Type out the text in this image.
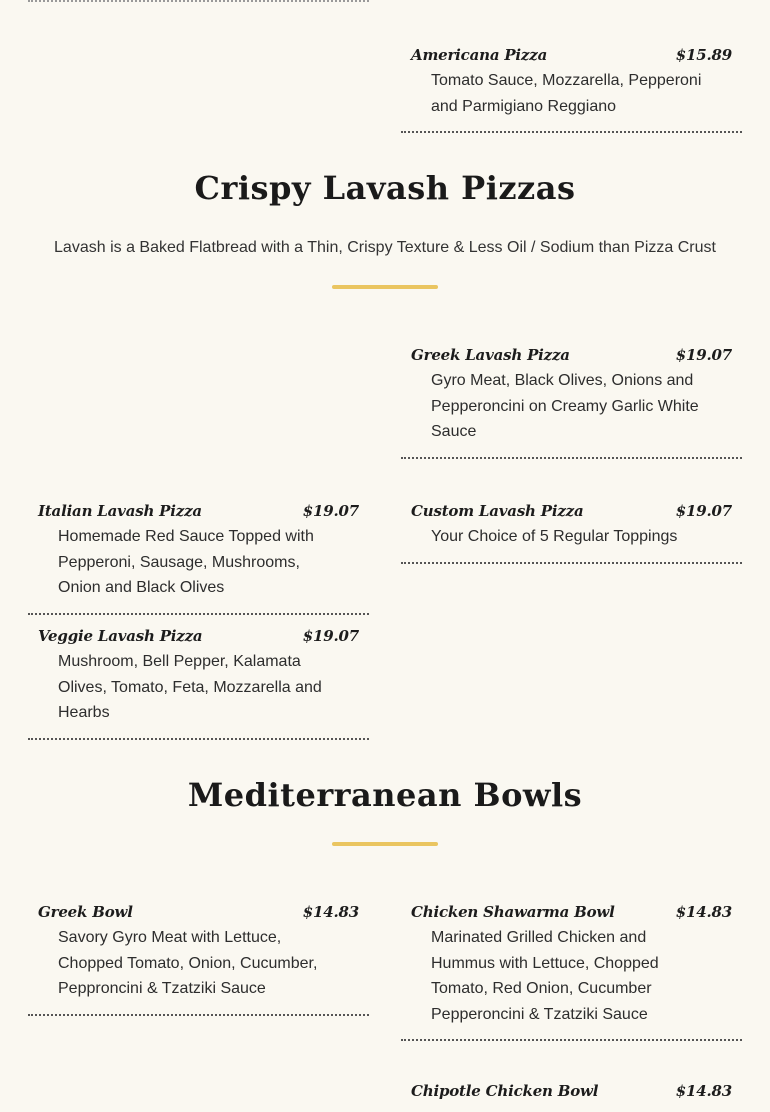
Americana Pizza	$15.89
Tomato Sauce, Mozzarella, Pepperoni and Parmigiano Reggiano
Crispy Lavash Pizzas
Lavash is a Baked Flatbread with a Thin, Crispy Texture & Less Oil / Sodium than Pizza Crust
Greek Lavash Pizza	$19.07
Gyro Meat, Black Olives, Onions and Pepperoncini on Creamy Garlic White Sauce
Italian Lavash Pizza	$19.07
Homemade Red Sauce Topped with Pepperoni, Sausage, Mushrooms, Onion and Black Olives
Custom Lavash Pizza	$19.07
Your Choice of 5 Regular Toppings
Veggie Lavash Pizza	$19.07
Mushroom, Bell Pepper, Kalamata Olives, Tomato, Feta, Mozzarella and Hearbs
Mediterranean Bowls
Greek Bowl	$14.83
Savory Gyro Meat with Lettuce, Chopped Tomato, Onion, Cucumber, Pepproncini & Tzatziki Sauce
Chicken Shawarma Bowl	$14.83
Marinated Grilled Chicken and Hummus with Lettuce, Chopped Tomato, Red Onion, Cucumber Pepperoncini & Tzatziki Sauce
Chipotle Chicken Bowl	$14.83
